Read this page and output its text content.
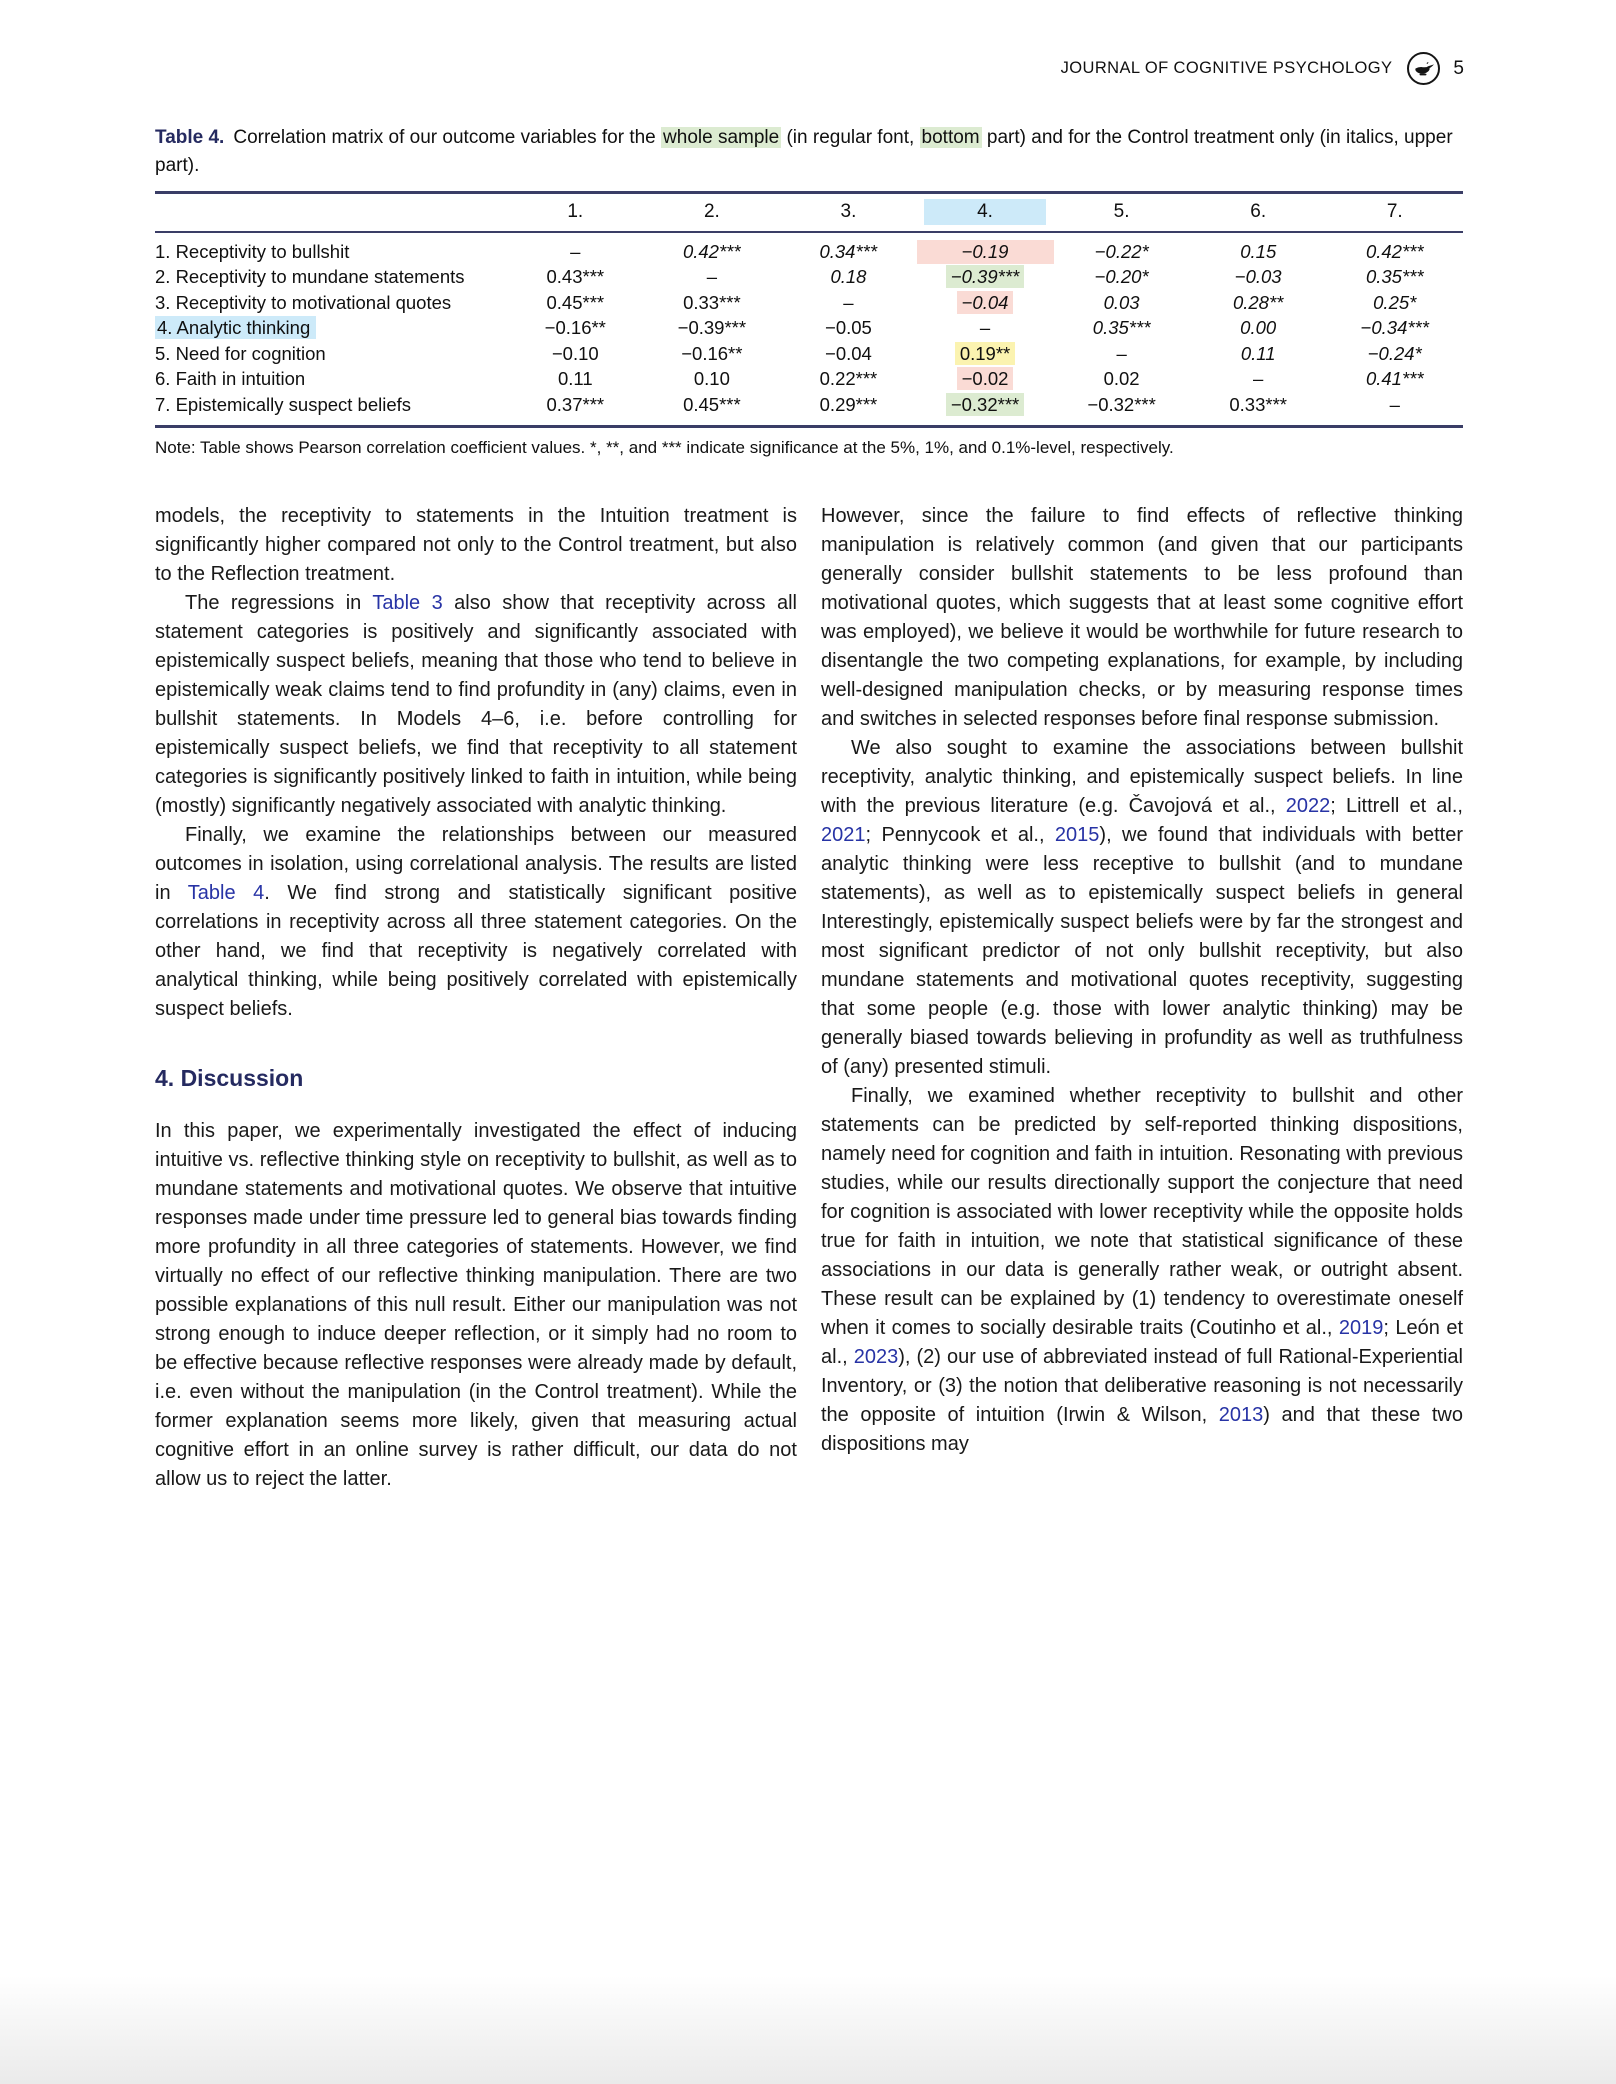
JOURNAL OF COGNITIVE PSYCHOLOGY	5
Table 4. Correlation matrix of our outcome variables for the whole sample (in regular font, bottom part) and for the Control treatment only (in italics, upper part).
1.	2.	3.	4.	5.	6.	7.
1. Receptivity to bullshit	–	0.42***	0.34***	−0.19	−0.22*	0.15	0.42***
2. Receptivity to mundane statements	0.43***	–	0.18	−0.39***	−0.20*	−0.03	0.35***
3. Receptivity to motivational quotes	0.45***	0.33***	–	−0.04	0.03	0.28**	0.25*
4. Analytic thinking	−0.16**	−0.39***	−0.05	–	0.35***	0.00	−0.34***
5. Need for cognition	−0.10	−0.16**	−0.04	0.19**	–	0.11	−0.24*
6. Faith in intuition	0.11	0.10	0.22***	−0.02	0.02	–	0.41***
7. Epistemically suspect beliefs	0.37***	0.45***	0.29***	−0.32***	−0.32***	0.33***	–
Note: Table shows Pearson correlation coefficient values. *, **, and *** indicate significance at the 5%, 1%, and 0.1%-level, respectively.

models, the receptivity to statements in the Intuition treatment is significantly higher compared not only to the Control treatment, but also to the Reflection treatment.

The regressions in Table 3 also show that receptivity across all statement categories is positively and significantly associated with epistemically suspect beliefs, meaning that those who tend to believe in epistemically weak claims tend to find profundity in (any) claims, even in bullshit statements. In Models 4–6, i.e. before controlling for epistemically suspect beliefs, we find that receptivity to all statement categories is significantly positively linked to faith in intuition, while being (mostly) significantly negatively associated with analytic thinking.

Finally, we examine the relationships between our measured outcomes in isolation, using correlational analysis. The results are listed in Table 4. We find strong and statistically significant positive correlations in receptivity across all three statement categories. On the other hand, we find that receptivity is negatively correlated with analytical thinking, while being positively correlated with epistemically suspect beliefs.

4. Discussion

In this paper, we experimentally investigated the effect of inducing intuitive vs. reflective thinking style on receptivity to bullshit, as well as to mundane statements and motivational quotes. We observe that intuitive responses made under time pressure led to general bias towards finding more profundity in all three categories of statements. However, we find virtually no effect of our reflective thinking manipulation. There are two possible explanations of this null result. Either our manipulation was not strong enough to induce deeper reflection, or it simply had no room to be effective because reflective responses were already made by default, i.e. even without the manipulation (in the Control treatment). While the former explanation seems more likely, given that measuring actual cognitive effort in an online survey is rather difficult, our data do not allow us to reject the latter.

However, since the failure to find effects of reflective thinking manipulation is relatively common (and given that our participants generally consider bullshit statements to be less profound than motivational quotes, which suggests that at least some cognitive effort was employed), we believe it would be worthwhile for future research to disentangle the two competing explanations, for example, by including well-designed manipulation checks, or by measuring response times and switches in selected responses before final response submission.

We also sought to examine the associations between bullshit receptivity, analytic thinking, and epistemically suspect beliefs. In line with the previous literature (e.g. Čavojová et al., 2022; Littrell et al., 2021; Pennycook et al., 2015), we found that individuals with better analytic thinking were less receptive to bullshit (and to mundane statements), as well as to epistemically suspect beliefs in general Interestingly, epistemically suspect beliefs were by far the strongest and most significant predictor of not only bullshit receptivity, but also mundane statements and motivational quotes receptivity, suggesting that some people (e.g. those with lower analytic thinking) may be generally biased towards believing in profundity as well as truthfulness of (any) presented stimuli.

Finally, we examined whether receptivity to bullshit and other statements can be predicted by self-reported thinking dispositions, namely need for cognition and faith in intuition. Resonating with previous studies, while our results directionally support the conjecture that need for cognition is associated with lower receptivity while the opposite holds true for faith in intuition, we note that statistical significance of these associations in our data is generally rather weak, or outright absent. These result can be explained by (1) tendency to overestimate oneself when it comes to socially desirable traits (Coutinho et al., 2019; León et al., 2023), (2) our use of abbreviated instead of full Rational-Experiential Inventory, or (3) the notion that deliberative reasoning is not necessarily the opposite of intuition (Irwin & Wilson, 2013) and that these two dispositions may
